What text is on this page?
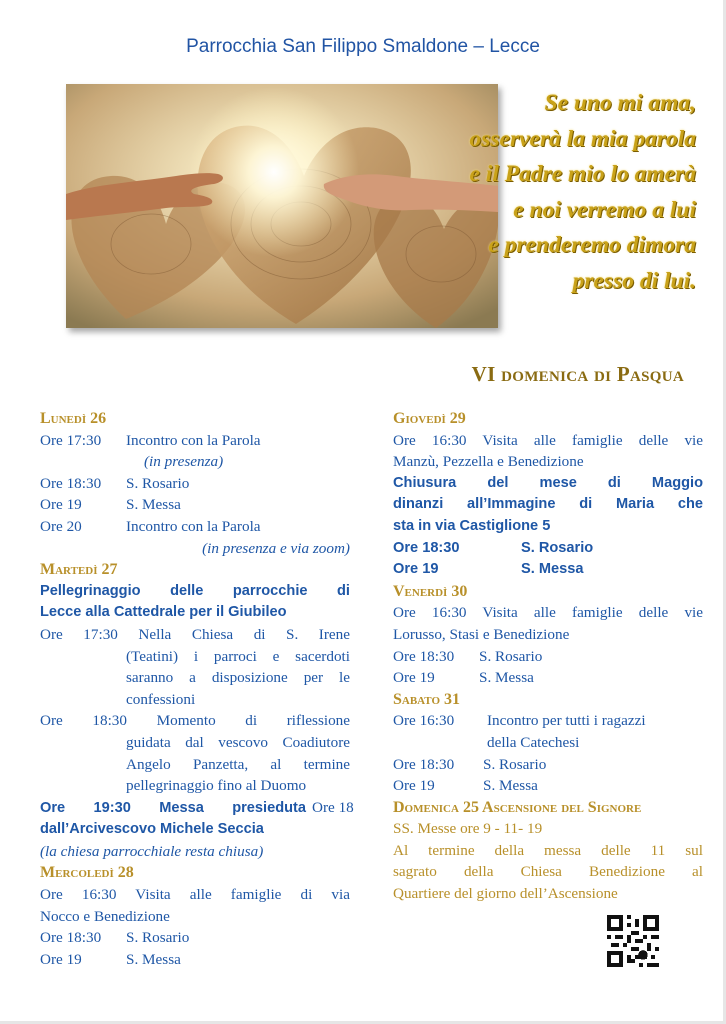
Parrocchia San Filippo Smaldone – Lecce
Se uno mi ama,
osserverà la mia parola
e il Padre mio lo amerà
e noi verremo a lui
e prenderemo dimora
presso di lui.
VI domenica di Pasqua
Lunedì 26
Ore 17:30 Incontro con la Parola
(in presenza)
Ore 18:30 S. Rosario
Ore 19	S. Messa
Ore 20	Incontro con la Parola
(in presenza e via zoom)
Martedì 27
Pellegrinaggio delle parrocchie di
Lecce alla Cattedrale per il Giubileo
Ore 17:30 Nella Chiesa di S. Irene
(Teatini) i parroci e sacerdoti
saranno a disposizione per le
confessioni
Ore 18:30 Momento di riflessione
guidata dal vescovo Coadiutore
Angelo Panzetta, al termine
pellegrinaggio fino al Duomo
Ore 19:30 Messa presieduta Ore 18
dall’Arcivescovo Michele Seccia
(la chiesa parrocchiale resta chiusa)
Mercoledì 28
Ore 16:30 Visita alle famiglie di via
Nocco e Benedizione
Ore 18:30 S. Rosario
Ore 19	S. Messa
Giovedì 29
Ore 16:30 Visita alle famiglie delle vie
Manzù, Pezzella e Benedizione
Chiusura del mese di Maggio
dinanzi all’Immagine di Maria che
sta in via Castiglione 5
Ore 18:30	S. Rosario
Ore 19	S. Messa
Venerdì 30
Ore 16:30 Visita alle famiglie delle vie
Lorusso, Stasi e Benedizione
Ore 18:30 S. Rosario
Ore 19	S. Messa
Sabato 31
Ore 16:30 Incontro per tutti i ragazzi
della Catechesi
Ore 18:30 S. Rosario
Ore 19	S. Messa
Domenica 25 Ascensione del Signore
SS. Messe ore 9 - 11- 19
Al termine della messa delle 11 sul
sagrato della Chiesa Benedizione al
Quartiere del giorno dell’Ascensione
